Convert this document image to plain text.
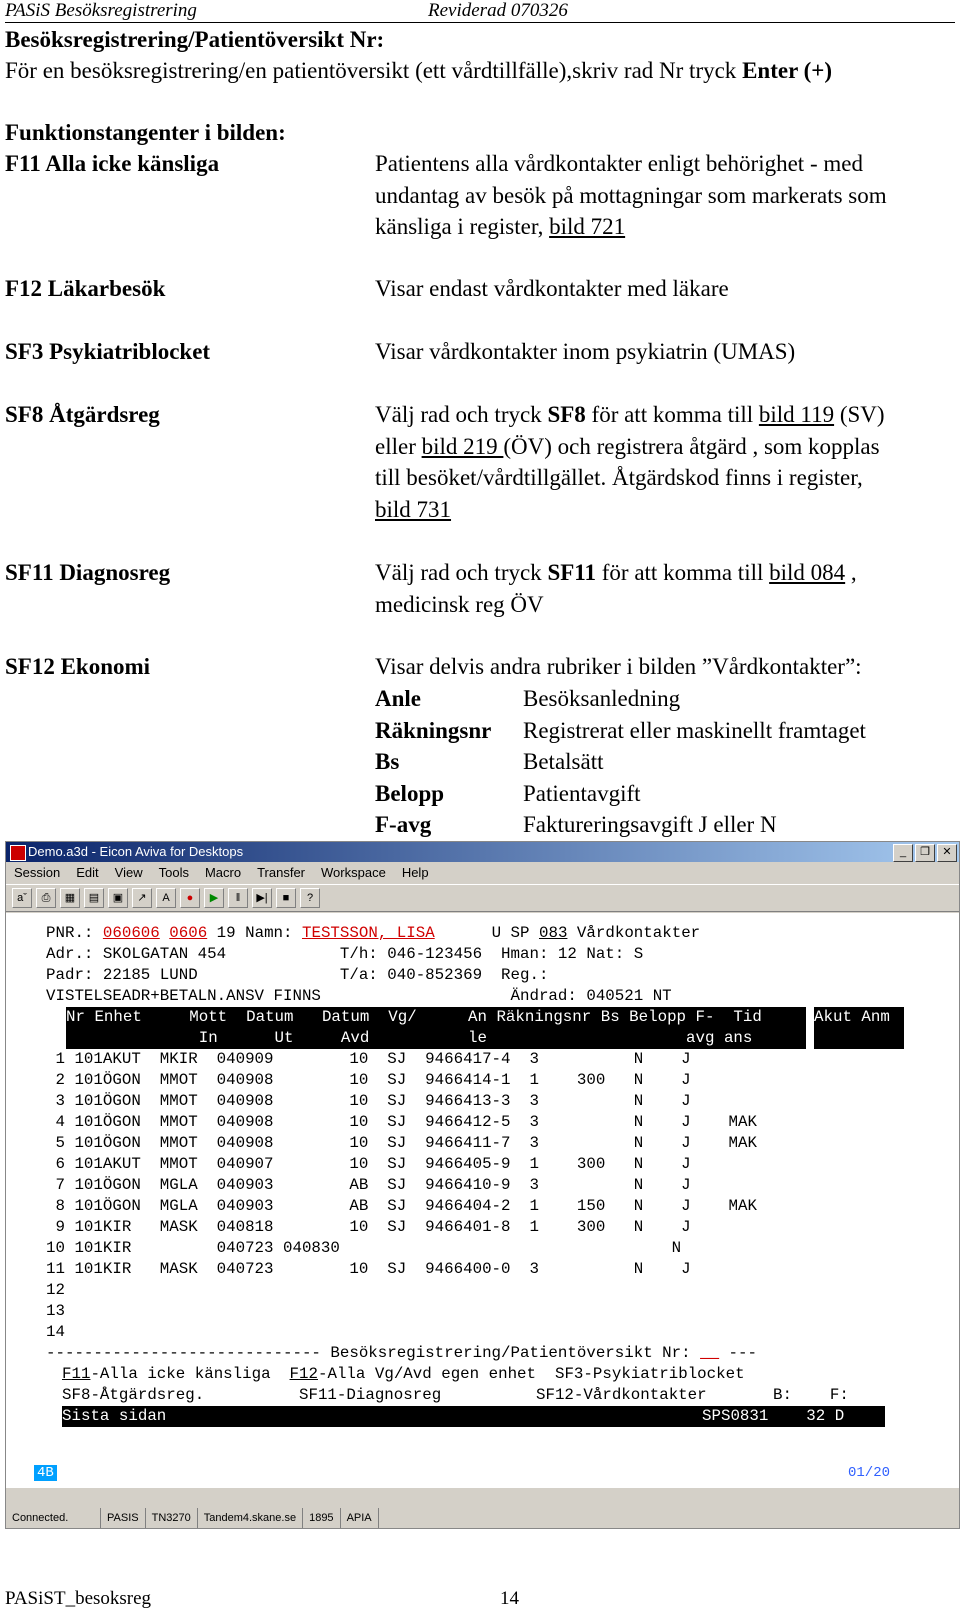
PASiS Besöksregistrering	Reviderad 070326
Besöksregistrering/Patientöversikt Nr:
För en besöksregistrering/en patientöversikt (ett vårdtillfälle),skriv rad Nr tryck Enter (+)
Funktionstangenter i bilden:
F11 Alla icke känsliga	Patientens alla vårdkontakter enligt behörighet - med
undantag av besök på mottagningar som markerats som
känsliga i register, bild 721
F12 Läkarbesök	Visar endast vårdkontakter med läkare
SF3 Psykiatriblocket	Visar vårdkontakter inom psykiatrin (UMAS)
SF8 Åtgärdsreg	Välj rad och tryck SF8 för att komma till bild 119 (SV)
eller bild 219 (ÖV) och registrera åtgärd , som kopplas
till besöket/vårdtillgället. Åtgärdskod finns i register,
bild 731
SF11 Diagnosreg	Välj rad och tryck SF11 för att komma till bild 084 ,
medicinsk reg ÖV
SF12 Ekonomi	Visar delvis andra rubriker i bilden ”Vårdkontakter”:
Anle	Besöksanledning
Räkningsnr	Registrerat eller maskinellt framtaget
Bs	Betalsätt
Belopp	Patientavgift
F-avg	Faktureringsavgift J eller N
Demo.a3d - Eicon Aviva for Desktops	_	❐	✕
Session Edit View Tools Macro Transfer Workspace Help
aˇ	⎙	▦	▤	▣	↗	A	●	▶	‖	▶|	■	?
PNR.: 060606 0606 19 Namn: TESTSSON, LISA      U SP 083 Vårdkontakter
Adr.: SKOLGATAN 454            T/h: 046-123456  Hman: 12 Nat: S
Padr: 22185 LUND               T/a: 040-852369  Reg.:
VISTELSEADR+BETALN.ANSV FINNS                    Ändrad: 040521 NT
Nr Enhet     Mott  Datum   Datum  Vg/	An Räkningsnr Bs Belopp F-  Tid	Akut Anm
In      Ut     Avd	le                     avg ans

1 101AKUT  MKIR  040909        10  SJ  9466417-4  3          N    J
2 101ÖGON  MMOT  040908        10  SJ  9466414-1  1    300   N    J
3 101ÖGON  MMOT  040908        10  SJ  9466413-3  3          N    J
4 101ÖGON  MMOT  040908        10  SJ  9466412-5  3          N    J    MAK
5 101ÖGON  MMOT  040908        10  SJ  9466411-7  3          N    J    MAK
6 101AKUT  MMOT  040907        10  SJ  9466405-9  1    300   N    J
7 101ÖGON  MGLA  040903        AB  SJ  9466410-9  3          N    J
8 101ÖGON  MGLA  040903        AB  SJ  9466404-2  1    150   N    J    MAK
9 101KIR   MASK  040818        10  SJ  9466401-8  1    300   N    J
10 101KIR         040723 040830                                   N
11 101KIR   MASK  040723        10  SJ  9466400-0  3          N    J
12
13
14
----------------------------- Besöksregistrering/Patientöversikt Nr: __ ---
F11-Alla icke känsliga  F12-Alla Vg/Avd egen enhet  SF3-Psykiatriblocket
SF8-Åtgärdsreg.          SF11-Diagnosreg          SF12-Vårdkontakter       B:    F:
Sista sidan	SPS0831    32 D
4B	01/20
Connected.	PASIS	TN3270	Tandem4.skane.se	1895	APIA
PASiST_besoksreg	14
